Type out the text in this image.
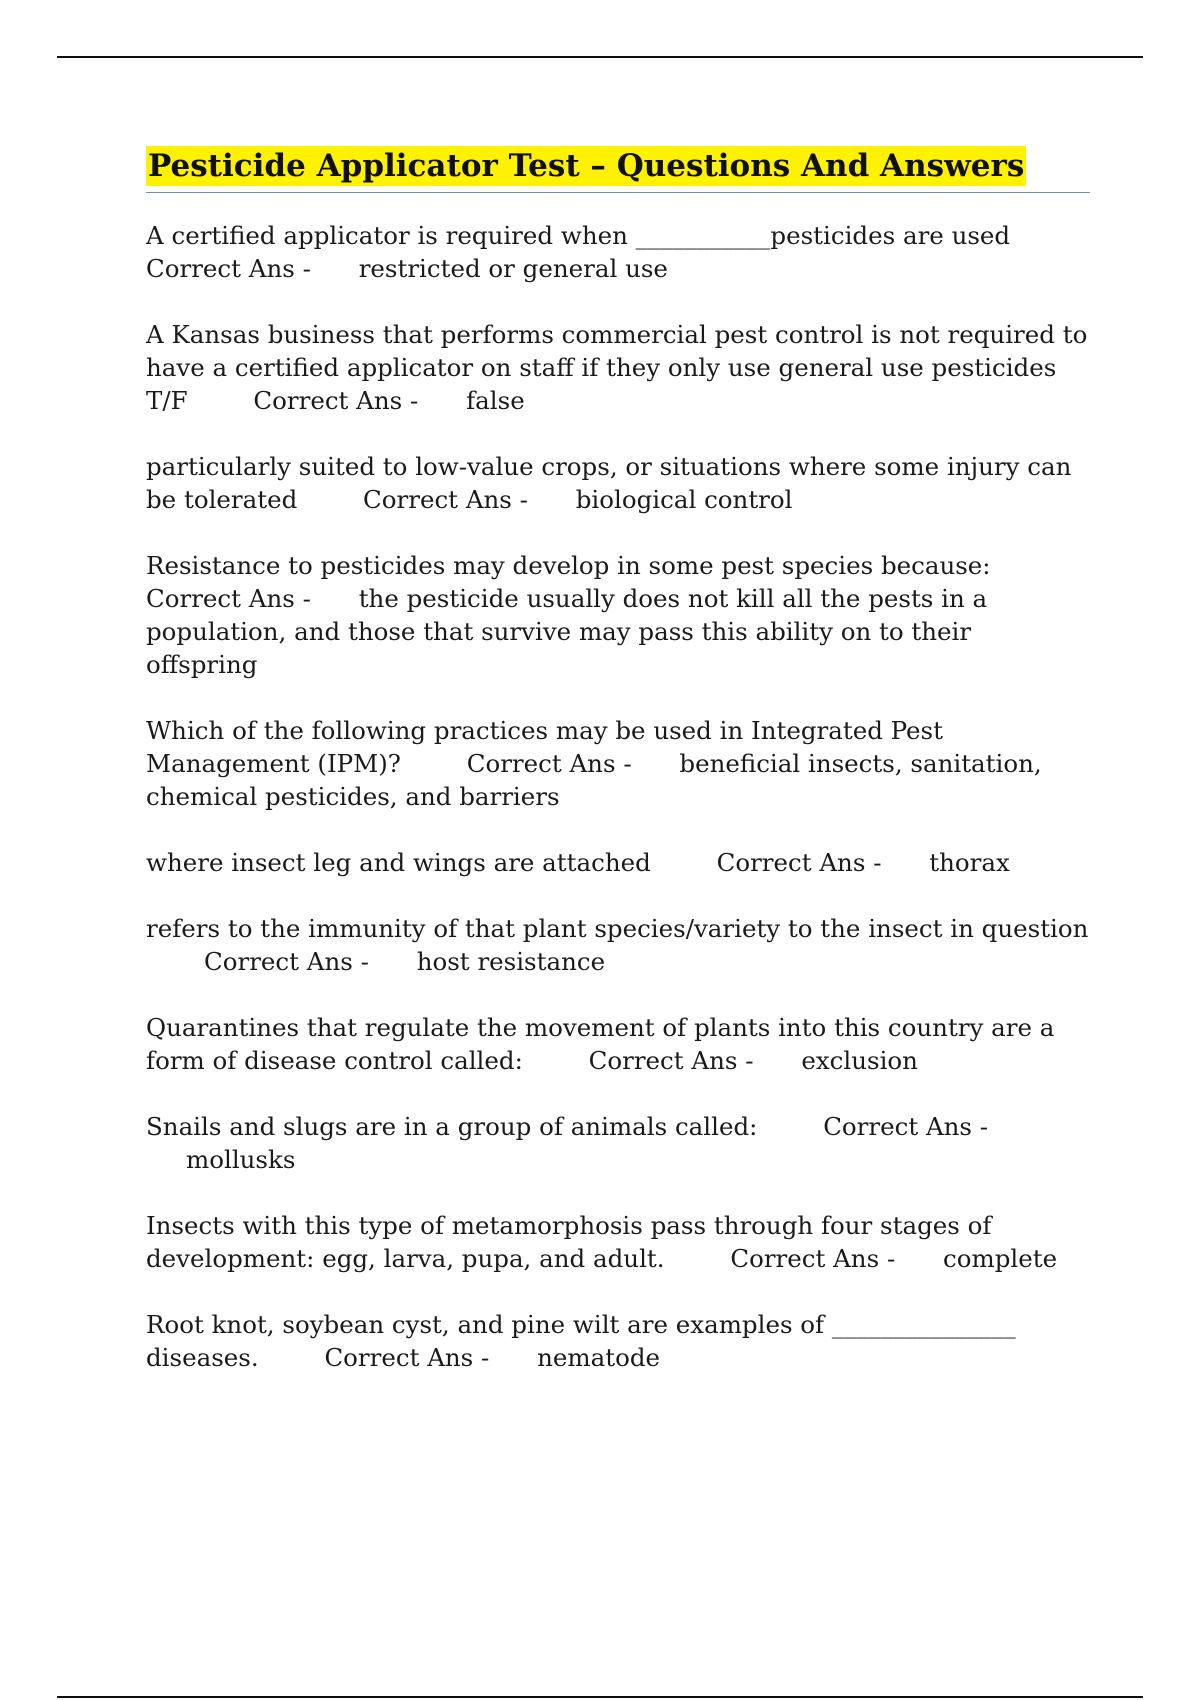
Pesticide Applicator Test – Questions And Answers

A certified applicator is required when ___________pesticides are used
Correct Ans - restricted or general use

A Kansas business that performs commercial pest control is not required to have a certified applicator on staff if they only use general use pesticides T/F	Correct Ans - false

particularly suited to low-value crops, or situations where some injury can be tolerated	Correct Ans - biological control

Resistance to pesticides may develop in some pest species because:
Correct Ans - the pesticide usually does not kill all the pests in a population, and those that survive may pass this ability on to their offspring

Which of the following practices may be used in Integrated Pest Management (IPM)?	Correct Ans - beneficial insects, sanitation, chemical pesticides, and barriers

where insect leg and wings are attached	Correct Ans - thorax

refers to the immunity of that plant species/variety to the insect in question Correct Ans - host resistance

Quarantines that regulate the movement of plants into this country are a form of disease control called:	Correct Ans - exclusion

Snails and slugs are in a group of animals called:	Correct Ans - mollusks

Insects with this type of metamorphosis pass through four stages of development: egg, larva, pupa, and adult.	Correct Ans - complete

Root knot, soybean cyst, and pine wilt are examples of _______________ diseases.	Correct Ans - nematode
